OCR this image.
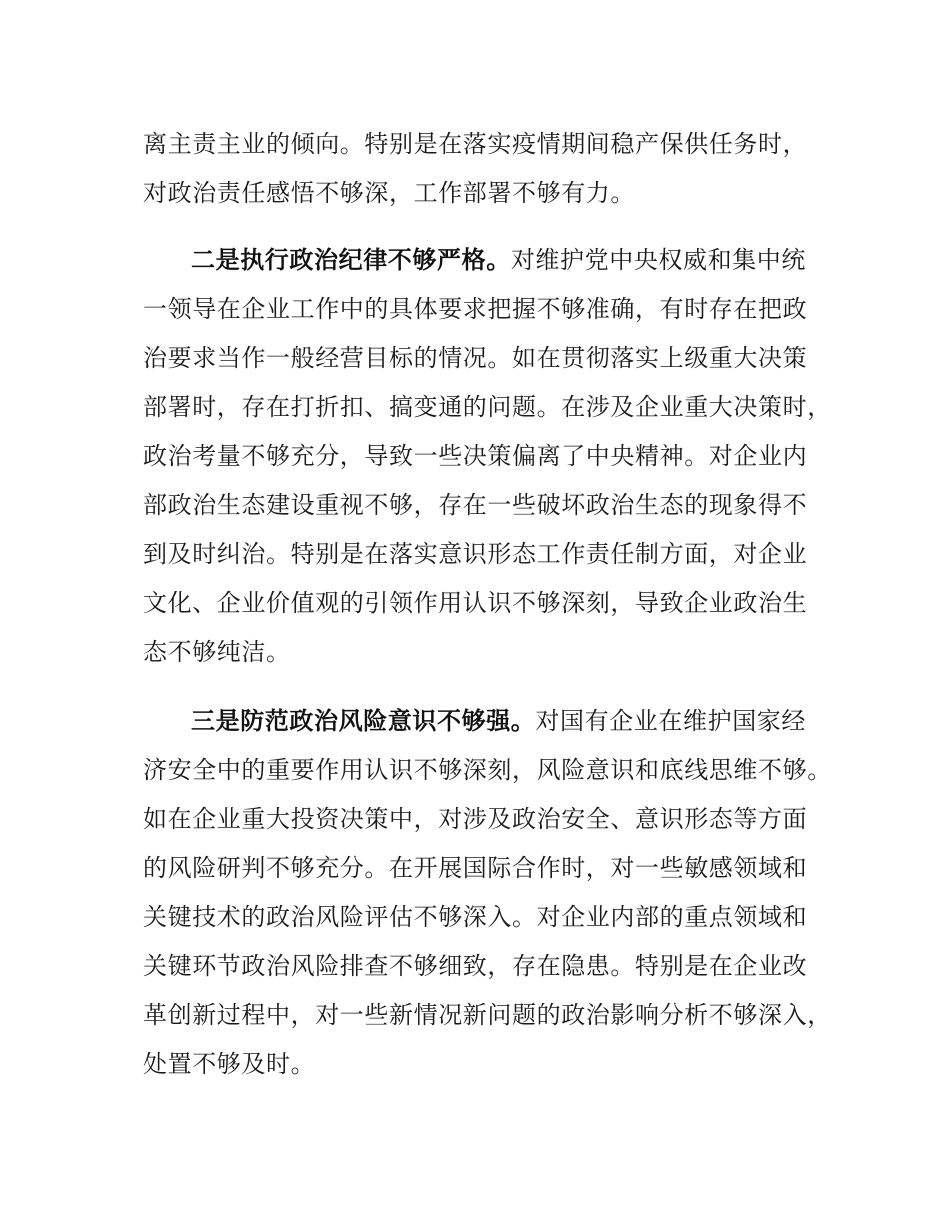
离主责主业的倾向。特别是在落实疫情期间稳产保供任务时，
对政治责任感悟不够深，工作部署不够有力。
二是执行政治纪律不够严格。对维护党中央权威和集中统
一领导在企业工作中的具体要求把握不够准确，有时存在把政
治要求当作一般经营目标的情况。如在贯彻落实上级重大决策
部署时，存在打折扣、搞变通的问题。在涉及企业重大决策时，
政治考量不够充分，导致一些决策偏离了中央精神。对企业内
部政治生态建设重视不够，存在一些破坏政治生态的现象得不
到及时纠治。特别是在落实意识形态工作责任制方面，对企业
文化、企业价值观的引领作用认识不够深刻，导致企业政治生
态不够纯洁。
三是防范政治风险意识不够强。对国有企业在维护国家经
济安全中的重要作用认识不够深刻，风险意识和底线思维不够。
如在企业重大投资决策中，对涉及政治安全、意识形态等方面
的风险研判不够充分。在开展国际合作时，对一些敏感领域和
关键技术的政治风险评估不够深入。对企业内部的重点领域和
关键环节政治风险排查不够细致，存在隐患。特别是在企业改
革创新过程中，对一些新情况新问题的政治影响分析不够深入，
处置不够及时。
